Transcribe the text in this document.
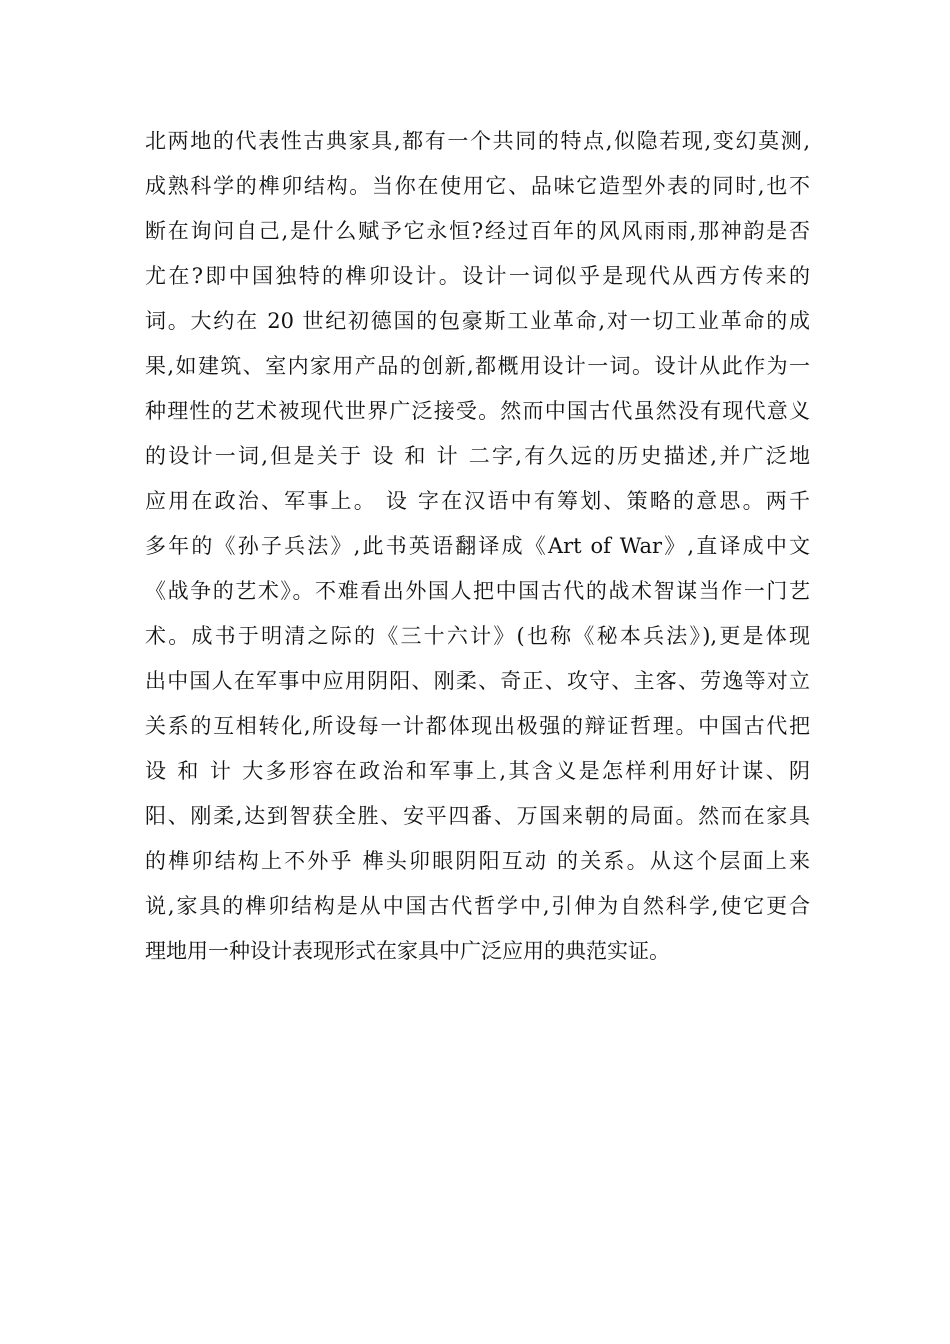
北两地的代表性古典家具,都有一个共同的特点,似隐若现,变幻莫测,
成熟科学的榫卯结构。当你在使用它、品味它造型外表的同时,也不
断在询问自己,是什么赋予它永恒?经过百年的风风雨雨,那神韵是否
尤在?即中国独特的榫卯设计。设计一词似乎是现代从西方传来的
词。大约在 20 世纪初德国的包豪斯工业革命,对一切工业革命的成
果,如建筑、室内家用产品的创新,都概用设计一词。设计从此作为一
种理性的艺术被现代世界广泛接受。然而中国古代虽然没有现代意义
的设计一词,但是关于 设 和 计 二字,有久远的历史描述,并广泛地
应用在政治、军事上。 设 字在汉语中有筹划、策略的意思。两千
多年的《孙子兵法》,此书英语翻译成《Art of War》,直译成中文
《战争的艺术》。不难看出外国人把中国古代的战术智谋当作一门艺
术。成书于明清之际的《三十六计》(也称《秘本兵法》),更是体现
出中国人在军事中应用阴阳、刚柔、奇正、攻守、主客、劳逸等对立
关系的互相转化,所设每一计都体现出极强的辩证哲理。中国古代把
设 和 计 大多形容在政治和军事上,其含义是怎样利用好计谋、阴
阳、刚柔,达到智获全胜、安平四番、万国来朝的局面。然而在家具
的榫卯结构上不外乎 榫头卯眼阴阳互动 的关系。从这个层面上来
说,家具的榫卯结构是从中国古代哲学中,引伸为自然科学,使它更合
理地用一种设计表现形式在家具中广泛应用的典范实证。
